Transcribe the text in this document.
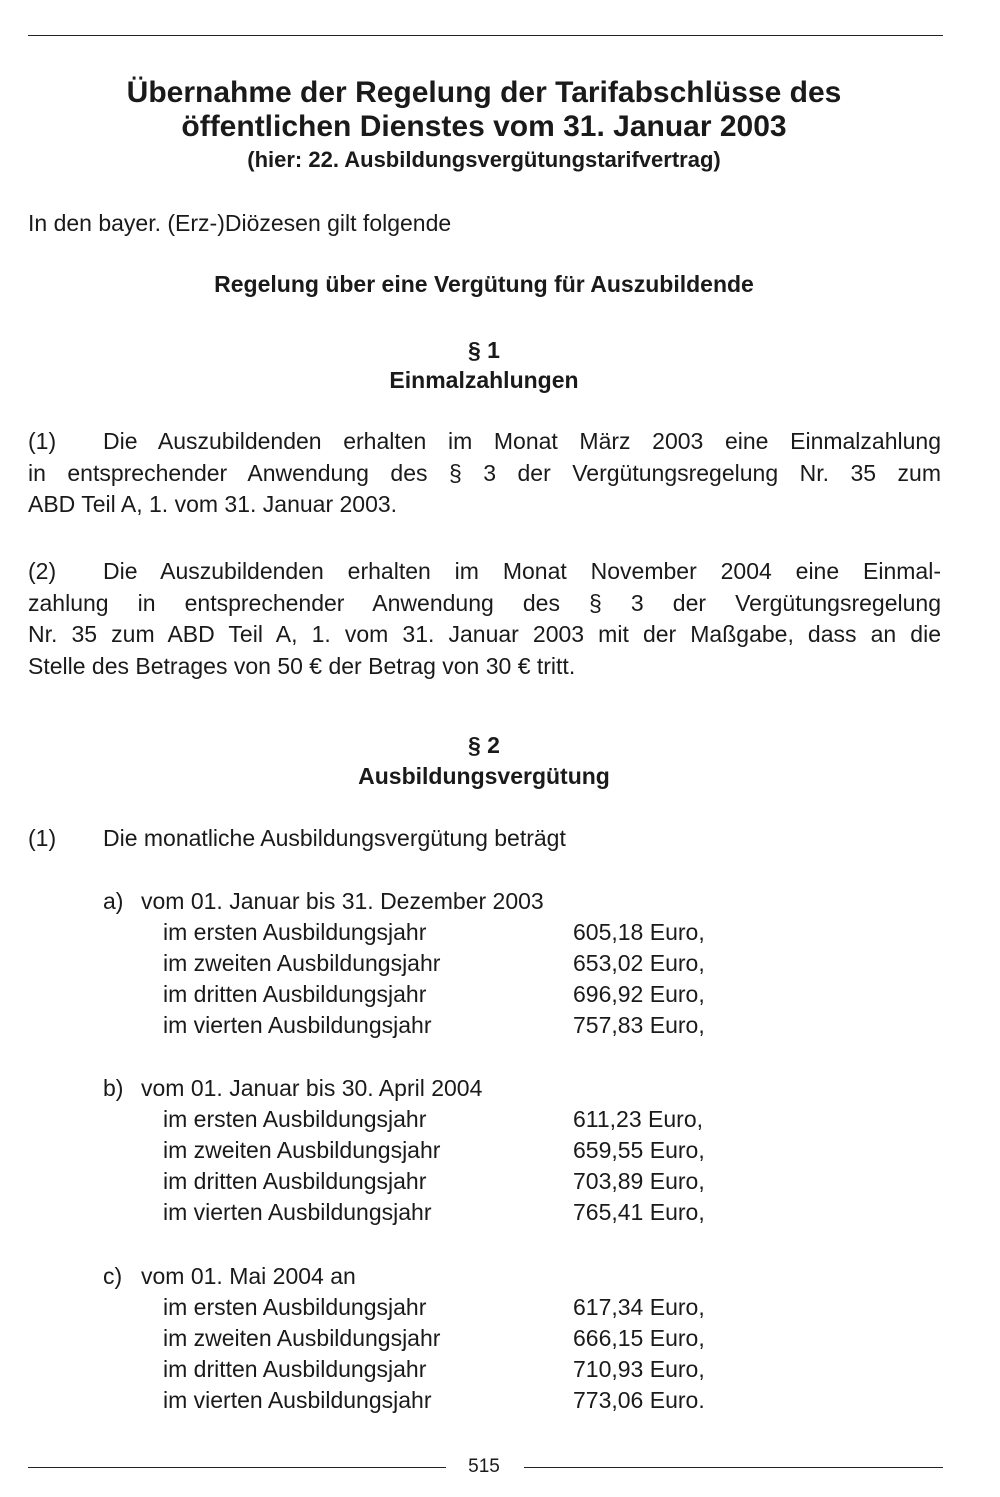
Übernahme der Regelung der Tarifabschlüsse des
öffentlichen Dienstes vom 31. Januar 2003
(hier: 22. Ausbildungsvergütungstarifvertrag)
In den bayer. (Erz-)Diözesen gilt folgende
Regelung über eine Vergütung für Auszubildende
§ 1
Einmalzahlungen
(1) Die Auszubildenden erhalten im Monat März 2003 eine Einmalzahlung
in entsprechender Anwendung des § 3 der Vergütungsregelung Nr. 35 zum
ABD Teil A, 1. vom 31. Januar 2003.
(2) Die Auszubildenden erhalten im Monat November 2004 eine Einmal-
zahlung in entsprechender Anwendung des § 3 der Vergütungsregelung
Nr. 35 zum ABD Teil A, 1. vom 31. Januar 2003 mit der Maßgabe, dass an die
Stelle des Betrages von 50 € der Betrag von 30 € tritt.
§ 2
Ausbildungsvergütung
(1) Die monatliche Ausbildungsvergütung beträgt
a) vom 01. Januar bis 31. Dezember 2003
im ersten Ausbildungsjahr	605,18 Euro,
im zweiten Ausbildungsjahr	653,02 Euro,
im dritten Ausbildungsjahr	696,92 Euro,
im vierten Ausbildungsjahr	757,83 Euro,
b) vom 01. Januar bis 30. April 2004
im ersten Ausbildungsjahr	611,23 Euro,
im zweiten Ausbildungsjahr	659,55 Euro,
im dritten Ausbildungsjahr	703,89 Euro,
im vierten Ausbildungsjahr	765,41 Euro,
c) vom 01. Mai 2004 an
im ersten Ausbildungsjahr	617,34 Euro,
im zweiten Ausbildungsjahr	666,15 Euro,
im dritten Ausbildungsjahr	710,93 Euro,
im vierten Ausbildungsjahr	773,06 Euro.
515
